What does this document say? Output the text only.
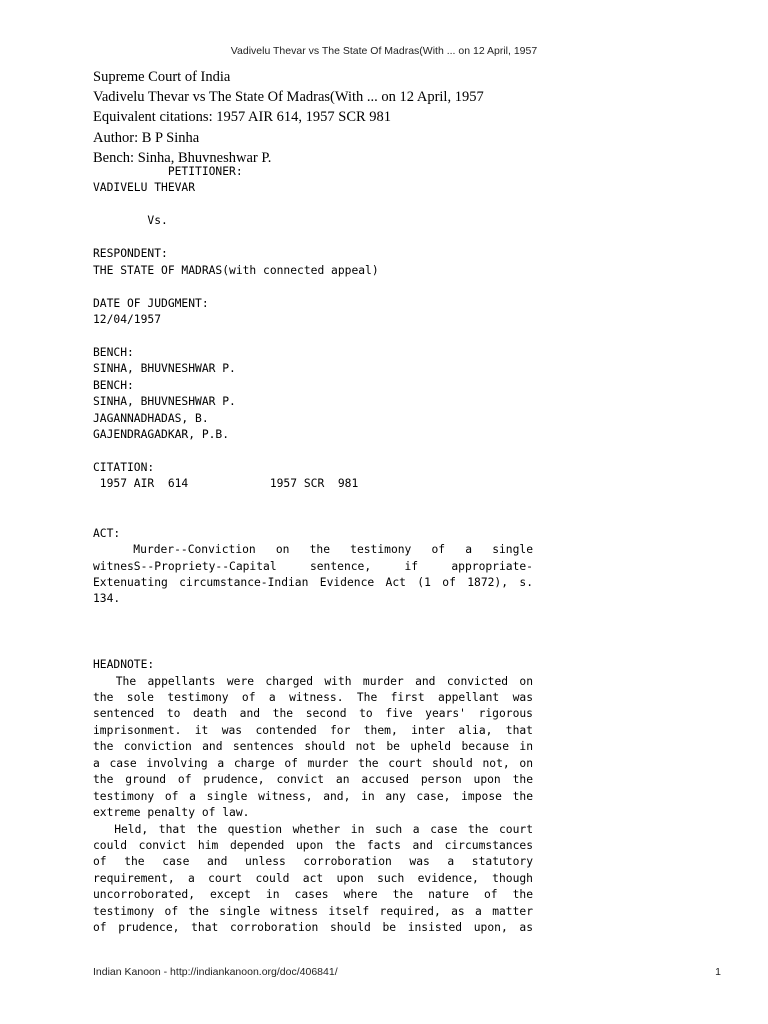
Vadivelu Thevar vs The State Of Madras(With ... on 12 April, 1957
Supreme Court of India
Vadivelu Thevar vs The State Of Madras(With ... on 12 April, 1957
Equivalent citations: 1957 AIR 614, 1957 SCR 981
Author: B P Sinha
Bench: Sinha, Bhuvneshwar P.
PETITIONER:
VADIVELU THEVAR
Vs.
RESPONDENT:
THE STATE OF MADRAS(with connected appeal)
DATE OF JUDGMENT:
12/04/1957
BENCH:
SINHA, BHUVNESHWAR P.
BENCH:
SINHA, BHUVNESHWAR P.
JAGANNADHADAS, B.
GAJENDRAGADKAR, P.B.
CITATION:
1957 AIR  614            1957 SCR  981
ACT:
Murder--Conviction on the testimony of a single
witnesS--Propriety--Capital sentence, if appropriate-
Extenuating circumstance-Indian Evidence Act (1 of 1872), s.
134.
HEADNOTE:
The appellants were charged with murder and convicted on
the sole testimony of a witness. The first appellant was
sentenced to death and the second to five years' rigorous
imprisonment. it was contended for them, inter alia, that
the conviction and sentences should not be upheld because in
a case involving a charge of murder the court should not, on
the ground of prudence, convict an accused person upon the
testimony of a single witness, and, in any case, impose the
extreme penalty of law.
Held, that the question whether in such a case the court
could convict him depended upon the facts and circumstances
of the case and unless corroboration was a statutory
requirement, a court could act upon such evidence, though
uncorroborated, except in cases where the nature of the
testimony of the single witness itself required, as a matter
of prudence, that corroboration should be insisted upon, as
Indian Kanoon - http://indiankanoon.org/doc/406841/	1
